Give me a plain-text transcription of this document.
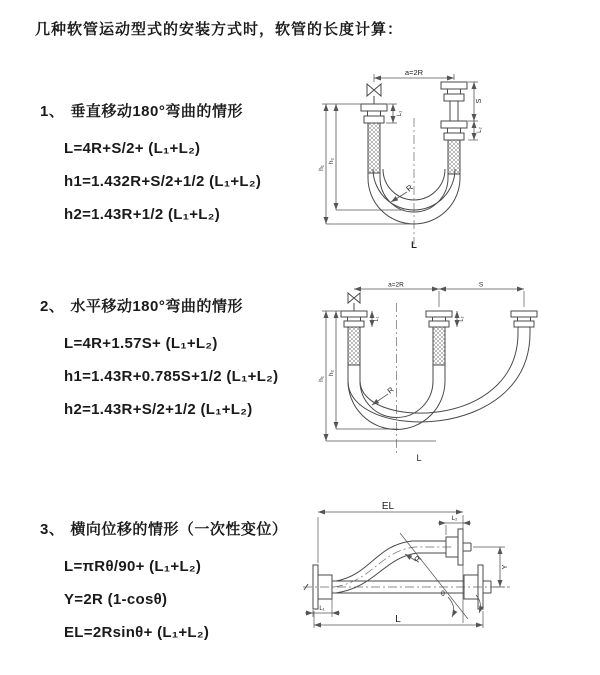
几种软管运动型式的安装方式时，软管的长度计算：
1、 垂直移动180°弯曲的情形
L=4R+S/2+ (L₁+L₂)
h1=1.432R+S/2+1/2 (L₁+L₂)
h2=1.43R+1/2 (L₁+L₂)
a=2R
S
L₂
L₁
h₁
h₂
R
L
2、 水平移动180°弯曲的情形
L=4R+1.57S+ (L₁+L₂)
h1=1.43R+0.785S+1/2 (L₁+L₂)
h2=1.43R+S/2+1/2 (L₁+L₂)
a=2R	S
h₁
h₂
L₁	L₂
R
L
3、 横向位移的情形（一次性变位）
L=πRθ/90+ (L₁+L₂)
Y=2R (1-cosθ)
EL=2Rsinθ+ (L₁+L₂)
EL
L₂
Y
θ
R
L₁
L
